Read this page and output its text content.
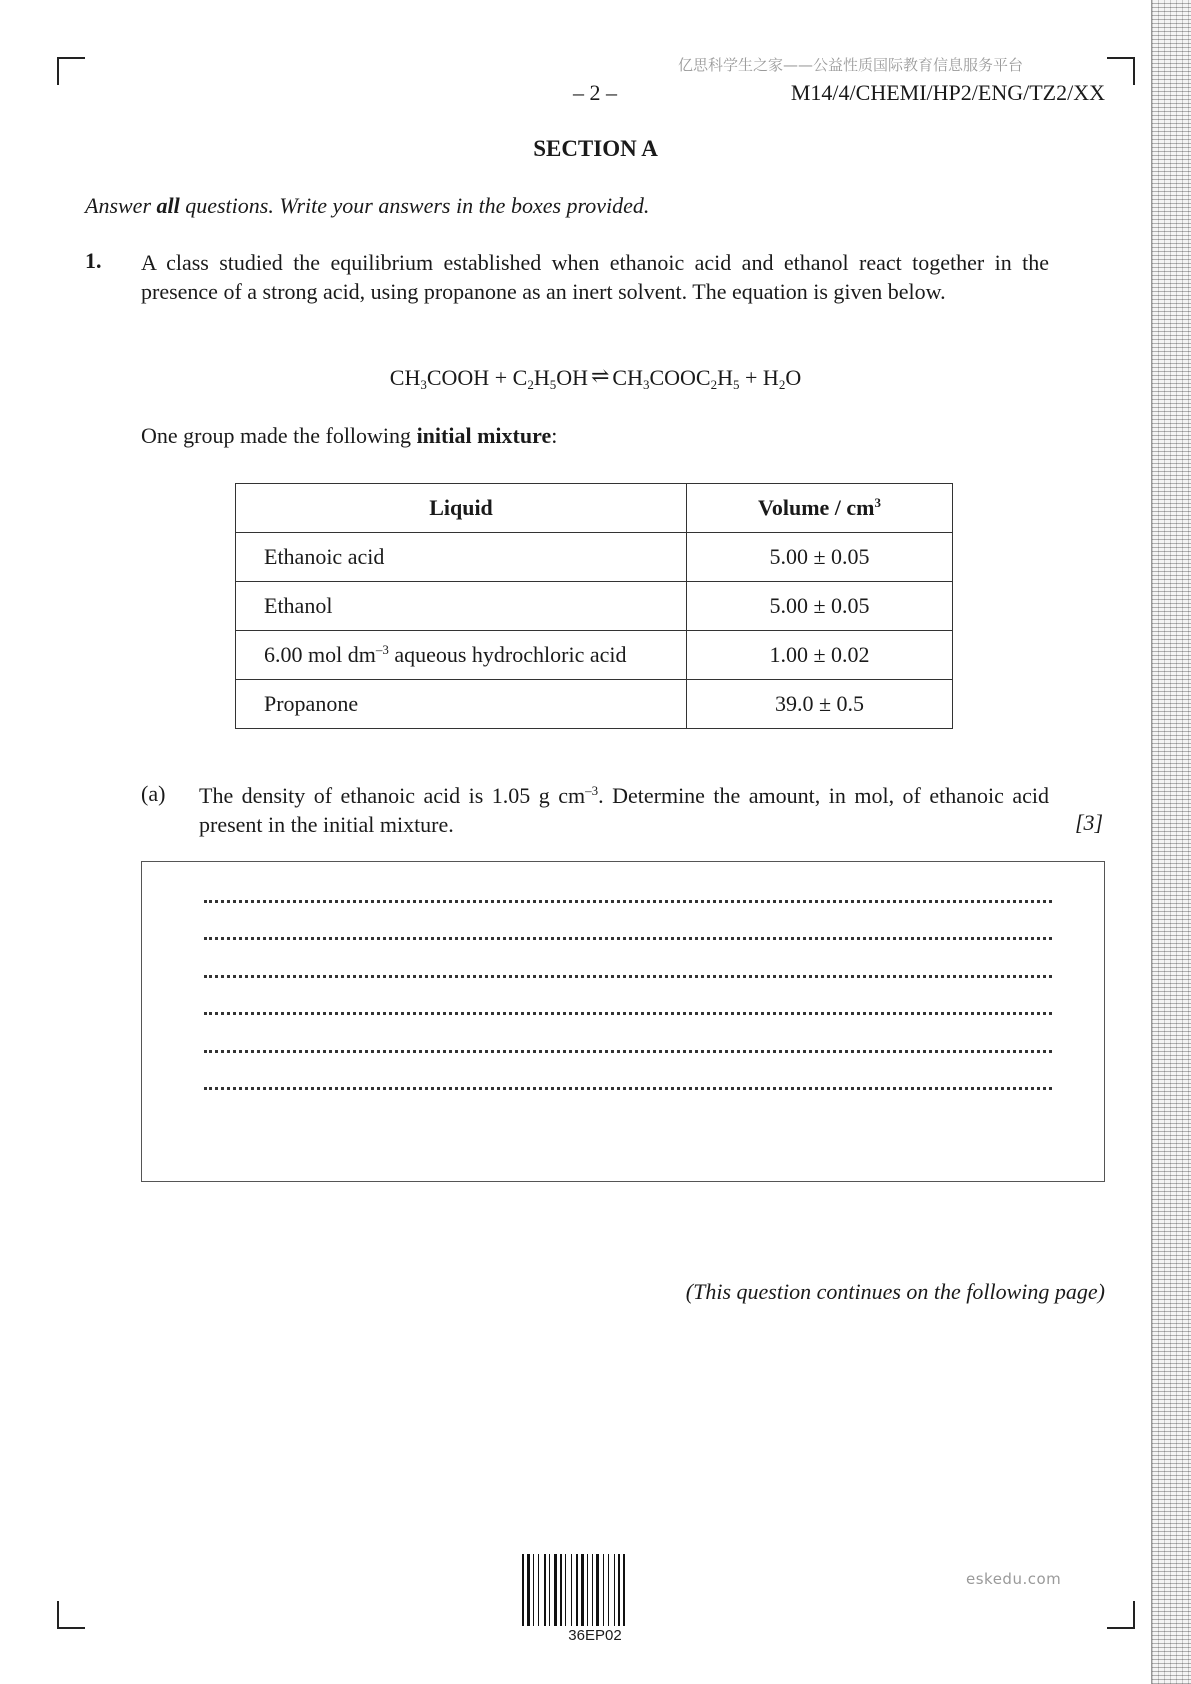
亿思科学生之家——公益性质国际教育信息服务平台
– 2 –	M14/4/CHEMI/HP2/ENG/TZ2/XX
SECTION A
Answer all questions. Write your answers in the boxes provided.
1. A class studied the equilibrium established when ethanoic acid and ethanol react together in the presence of a strong acid, using propanone as an inert solvent. The equation is given below.
$CH_3COOH + C_2H_5OH$ ⇌ $CH_3COOC_2H_5 + H_2O$
One group made the following initial mixture:
Liquid	Volume / $cm^3$
Ethanoic acid	5.00 ± 0.05
Ethanol	5.00 ± 0.05
6.00 mol $dm^{-3}$ aqueous hydrochloric acid	1.00 ± 0.02
Propanone	39.0 ± 0.5
(a) The density of ethanoic acid is 1.05 g $cm^{-3}$. Determine the amount, in mol, of ethanoic acid present in the initial mixture.	[3]
(This question continues on the following page)
36EP02
eskedu.com
